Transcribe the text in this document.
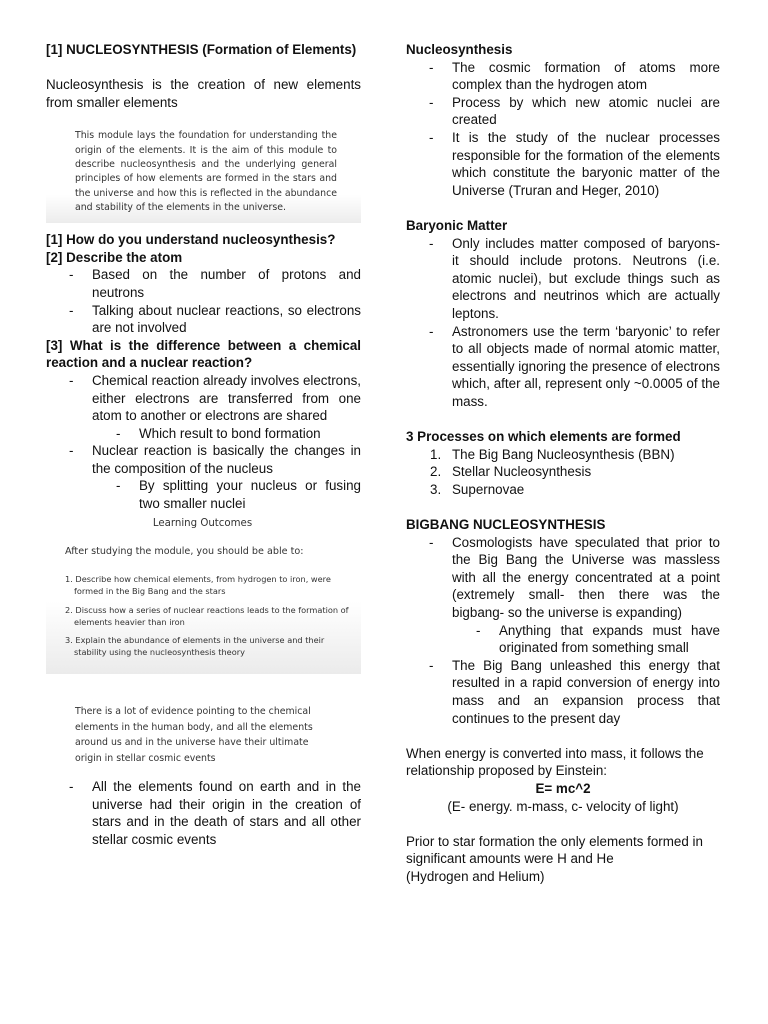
[1] NUCLEOSYNTHESIS (Formation of Elements)

Nucleosynthesis is the creation of new elements from smaller elements

This module lays the foundation for understanding the origin of the elements. It is the aim of this module to describe nucleosynthesis and the underlying general principles of how elements are formed in the stars and the universe and how this is reflected in the abundance and stability of the elements in the universe.

[1] How do you understand nucleosynthesis?

[2] Describe the atom

- Based on the number of protons and neutrons
- Talking about nuclear reactions, so electrons are not involved

[3] What is the difference between a chemical reaction and a nuclear reaction?

- Chemical reaction already involves electrons, either electrons are transferred from one atom to another or electrons are shared
- Which result to bond formation
- Nuclear reaction is basically the changes in the composition of the nucleus
- By splitting your nucleus or fusing two smaller nuclei
Learning Outcomes
After studying the module, you should be able to:
1. Describe how chemical elements, from hydrogen to iron, were formed in the Big Bang and the stars
2. Discuss how a series of nuclear reactions leads to the formation of elements heavier than iron
3. Explain the abundance of elements in the universe and their stability using the nucleosynthesis theory
There is a lot of evidence pointing to the chemical elements in the human body, and all the elements around us and in the universe have their ultimate origin in stellar cosmic events
- All the elements found on earth and in the universe had their origin in the creation of stars and in the death of stars and all other stellar cosmic events

Nucleosynthesis

- The cosmic formation of atoms more complex than the hydrogen atom
- Process by which new atomic nuclei are created
- It is the study of the nuclear processes responsible for the formation of the elements which constitute the baryonic matter of the Universe (Truran and Heger, 2010)

Baryonic Matter

- Only includes matter composed of baryons- it should include protons. Neutrons (i.e. atomic nuclei), but exclude things such as electrons and neutrinos which are actually leptons.
- Astronomers use the term ‘baryonic’ to refer to all objects made of normal atomic matter, essentially ignoring the presence of electrons which, after all, represent only ~0.0005 of the mass.

3 Processes on which elements are formed

1. The Big Bang Nucleosynthesis (BBN)
2. Stellar Nucleosynthesis
3. Supernovae

BIGBANG NUCLEOSYNTHESIS

- Cosmologists have speculated that prior to the Big Bang the Universe was massless with all the energy concentrated at a point (extremely small- then there was the bigbang- so the universe is expanding)
- Anything that expands must have originated from something small
- The Big Bang unleashed this energy that resulted in a rapid conversion of energy into mass and an expansion process that continues to the present day

When energy is converted into mass, it follows the relationship proposed by Einstein:

E= mc^2

(E- energy. m-mass, c- velocity of light)

Prior to star formation the only elements formed in significant amounts were H and He

(Hydrogen and Helium)
